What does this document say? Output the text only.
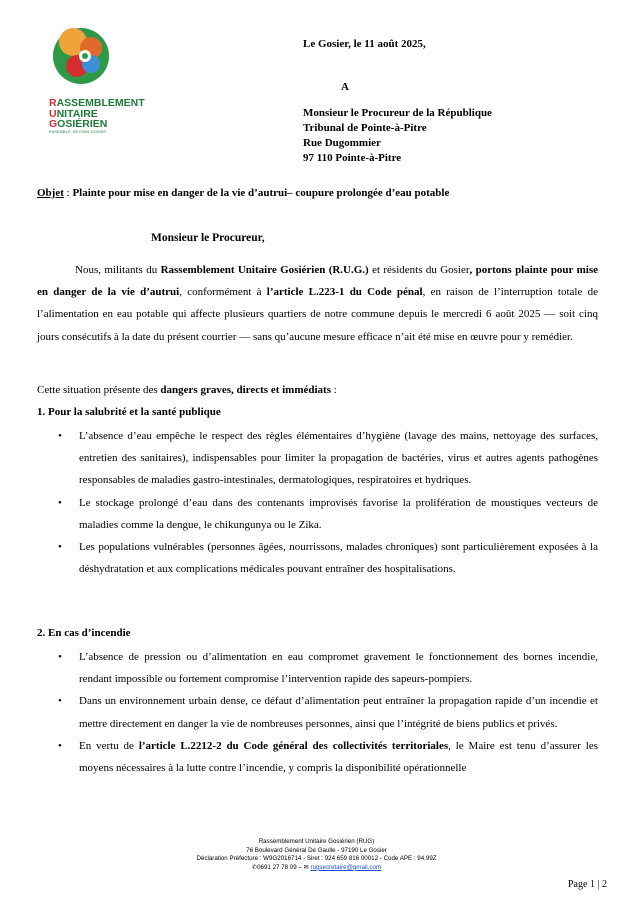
RASSEMBLEMENT
UNITAIRE
GOSIÉRIEN
ENSEMBLE, SOYONS GOSIER
Le Gosier, le 11 août 2025,
A
Monsieur le Procureur de la République
Tribunal de Pointe-à-Pitre
Rue Dugommier
97 110 Pointe-à-Pitre
Objet : Plainte pour mise en danger de la vie d’autrui– coupure prolongée d’eau potable
Monsieur le Procureur,
Nous, militants du Rassemblement Unitaire Gosiérien (R.U.G.) et résidents du Gosier, portons plainte pour mise en danger de la vie d’autrui, conformément à l’article L.223-1 du Code pénal, en raison de l’interruption totale de l’alimentation en eau potable qui affecte plusieurs quartiers de notre commune depuis le mercredi 6 août 2025 — soit cinq jours consécutifs à la date du présent courrier — sans qu’aucune mesure efficace n’ait été mise en œuvre pour y remédier.
Cette situation présente des dangers graves, directs et immédiats :
1. Pour la salubrité et la santé publique
• L’absence d’eau empêche le respect des règles élémentaires d’hygiène (lavage des mains, nettoyage des surfaces, entretien des sanitaires), indispensables pour limiter la propagation de bactéries, virus et autres agents pathogènes responsables de maladies gastro-intestinales, dermatologiques, respiratoires et hydriques.
• Le stockage prolongé d’eau dans des contenants improvisés favorise la prolifération de moustiques vecteurs de maladies comme la dengue, le chikungunya ou le Zika.
• Les populations vulnérables (personnes âgées, nourrissons, malades chroniques) sont particulièrement exposées à la déshydratation et aux complications médicales pouvant entraîner des hospitalisations.
2. En cas d’incendie
• L’absence de pression ou d’alimentation en eau compromet gravement le fonctionnement des bornes incendie, rendant impossible ou fortement compromise l’intervention rapide des sapeurs-pompiers.
• Dans un environnement urbain dense, ce défaut d’alimentation peut entraîner la propagation rapide d’un incendie et mettre directement en danger la vie de nombreuses personnes, ainsi que l’intégrité de biens publics et privés.
• En vertu de l’article L.2212-2 du Code général des collectivités territoriales, le Maire est tenu d’assurer les moyens nécessaires à la lutte contre l’incendie, y compris la disponibilité opérationnelle
Rassemblement Unitaire Gosiérien (RUG)
76 Boulevard Général De Gaulle - 97190 Le Gosier
Déclaration Préfecture : W9G2016714 - Siret : 924 659 816 00012 - Code APE : 94.99Z
✆0691 27 78 09 – ✉ rugsecretaire@gmail.com
Page 1 | 2
